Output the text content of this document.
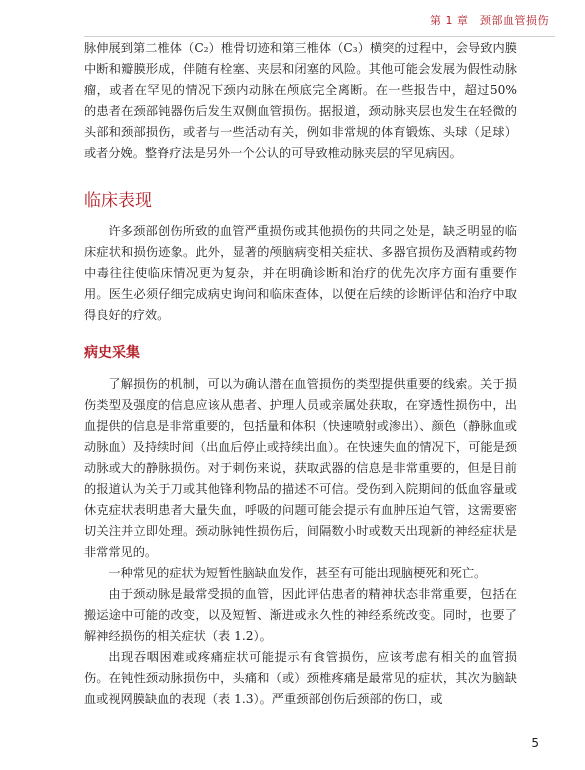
第 1 章　颈部血管损伤

脉伸展到第二椎体（C₂）椎骨切迹和第三椎体（C₃）横突的过程中，会导致内膜中断和瓣膜形成，伴随有栓塞、夹层和闭塞的风险。其他可能会发展为假性动脉瘤，或者在罕见的情况下颈内动脉在颅底完全离断。在一些报告中，超过50% 的患者在颈部钝器伤后发生双侧血管损伤。据报道，颈动脉夹层也发生在轻微的头部和颈部损伤，或者与一些活动有关，例如非常规的体育锻炼、头球（足球）或者分娩。整脊疗法是另外一个公认的可导致椎动脉夹层的罕见病因。

临床表现

许多颈部创伤所致的血管严重损伤或其他损伤的共同之处是，缺乏明显的临床症状和损伤迹象。此外，显著的颅脑病变相关症状、多器官损伤及酒精或药物中毒往往使临床情况更为复杂，并在明确诊断和治疗的优先次序方面有重要作用。医生必须仔细完成病史询问和临床查体，以便在后续的诊断评估和治疗中取得良好的疗效。

病史采集

了解损伤的机制，可以为确认潜在血管损伤的类型提供重要的线索。关于损伤类型及强度的信息应该从患者、护理人员或亲属处获取，在穿透性损伤中，出血提供的信息是非常重要的，包括量和体积（快速喷射或渗出）、颜色（静脉血或动脉血）及持续时间（出血后停止或持续出血）。在快速失血的情况下，可能是颈动脉或大的静脉损伤。对于刺伤来说，获取武器的信息是非常重要的，但是目前的报道认为关于刀或其他锋利物品的描述不可信。受伤到入院期间的低血容量或休克症状表明患者大量失血，呼吸的问题可能会提示有血肿压迫气管，这需要密切关注并立即处理。颈动脉钝性损伤后，间隔数小时或数天出现新的神经症状是非常常见的。

一种常见的症状为短暂性脑缺血发作，甚至有可能出现脑梗死和死亡。

由于颈动脉是最常受损的血管，因此评估患者的精神状态非常重要，包括在搬运途中可能的改变，以及短暂、渐进或永久性的神经系统改变。同时，也要了解神经损伤的相关症状（表 1.2）。

出现吞咽困难或疼痛症状可能提示有食管损伤，应该考虑有相关的血管损伤。在钝性颈动脉损伤中，头痛和（或）颈椎疼痛是最常见的症状，其次为脑缺血或视网膜缺血的表现（表 1.3）。严重颈部创伤后颈部的伤口，或

5
